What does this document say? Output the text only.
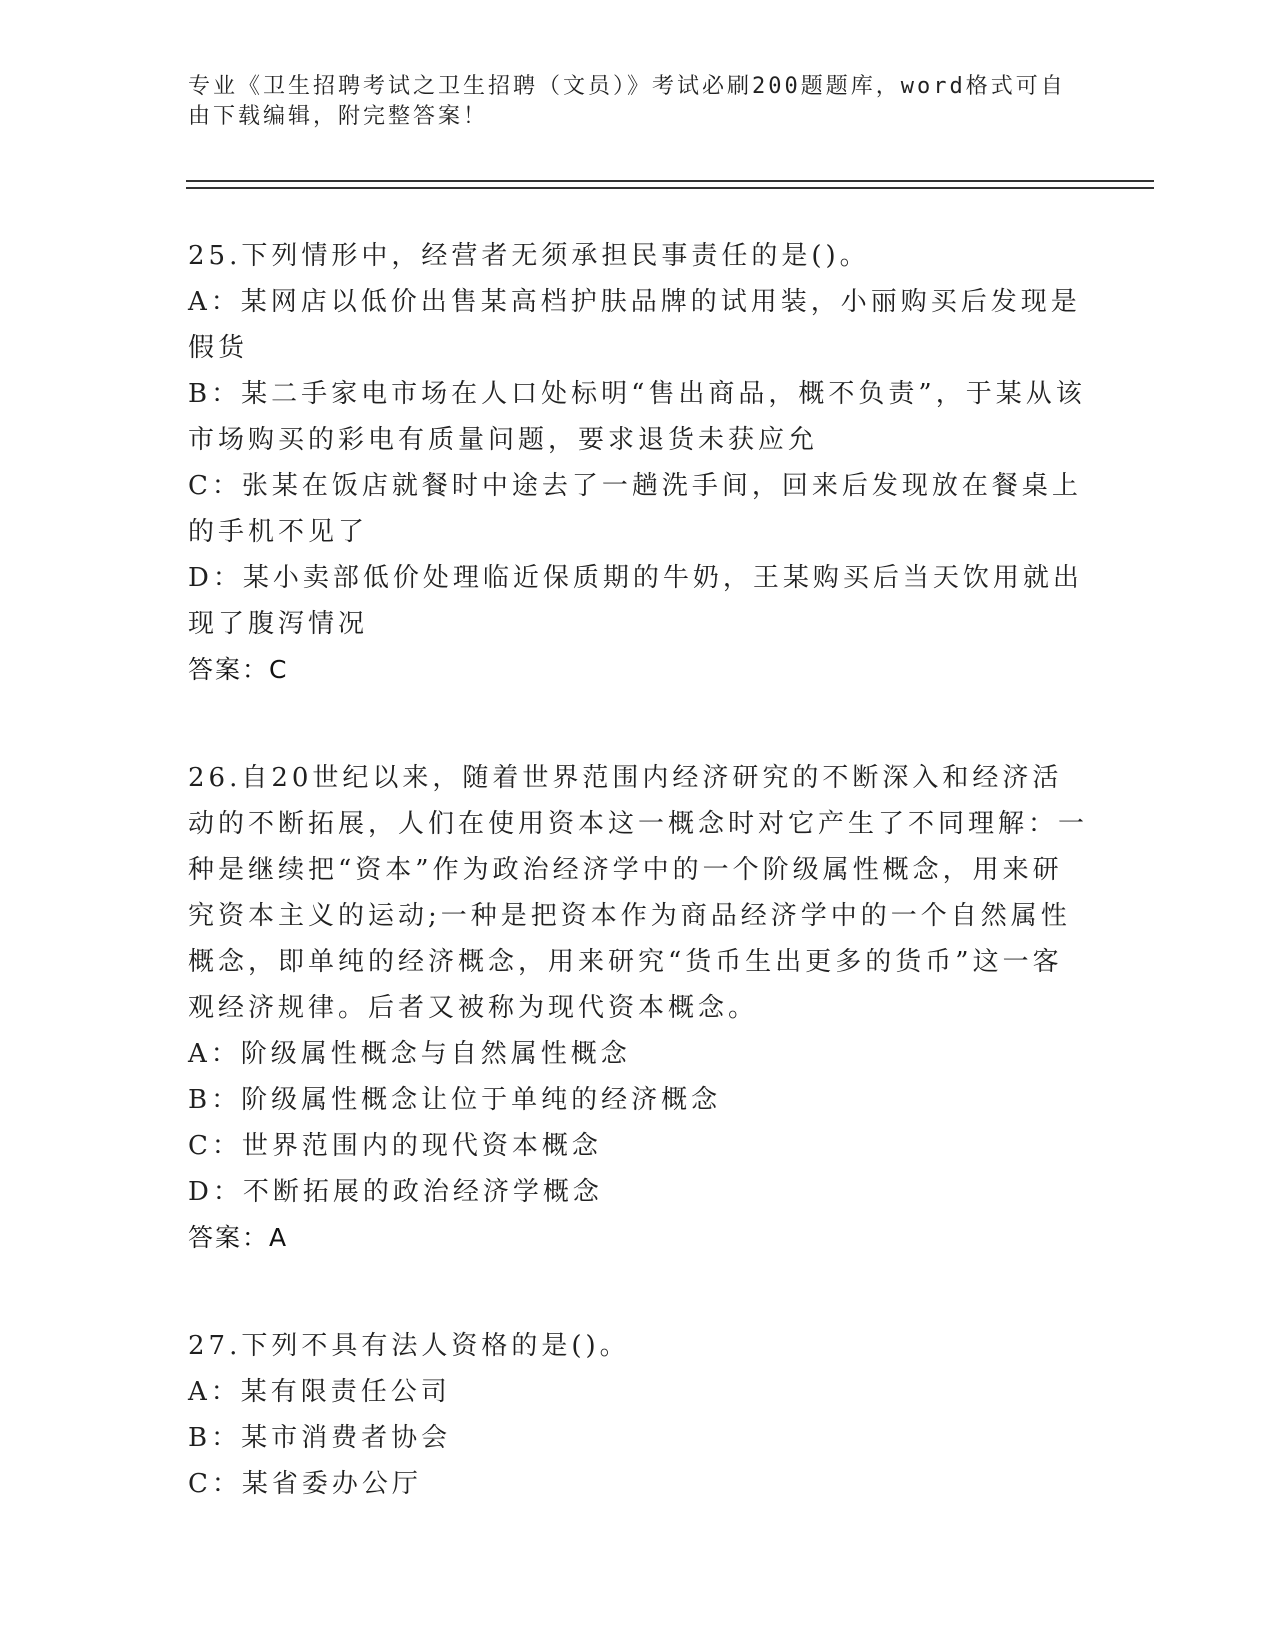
专业《卫生招聘考试之卫生招聘（文员）》考试必刷200题题库，word格式可自
由下载编辑，附完整答案！

25.下列情形中，经营者无须承担民事责任的是()。

A：某网店以低价出售某高档护肤品牌的试用装，小丽购买后发现是假货

B：某二手家电市场在人口处标明“售出商品，概不负责”，于某从该市场购买的彩电有质量问题，要求退货未获应允

C：张某在饭店就餐时中途去了一趟洗手间，回来后发现放在餐桌上的手机不见了

D：某小卖部低价处理临近保质期的牛奶，王某购买后当天饮用就出现了腹泻情况

答案：C

26.自20世纪以来，随着世界范围内经济研究的不断深入和经济活动的不断拓展，人们在使用资本这一概念时对它产生了不同理解：一种是继续把“资本”作为政治经济学中的一个阶级属性概念，用来研究资本主义的运动;一种是把资本作为商品经济学中的一个自然属性概念，即单纯的经济概念，用来研究“货币生出更多的货币”这一客观经济规律。后者又被称为现代资本概念。

A：阶级属性概念与自然属性概念

B：阶级属性概念让位于单纯的经济概念

C：世界范围内的现代资本概念

D：不断拓展的政治经济学概念

答案：A

27.下列不具有法人资格的是()。

A：某有限责任公司

B：某市消费者协会

C：某省委办公厅
